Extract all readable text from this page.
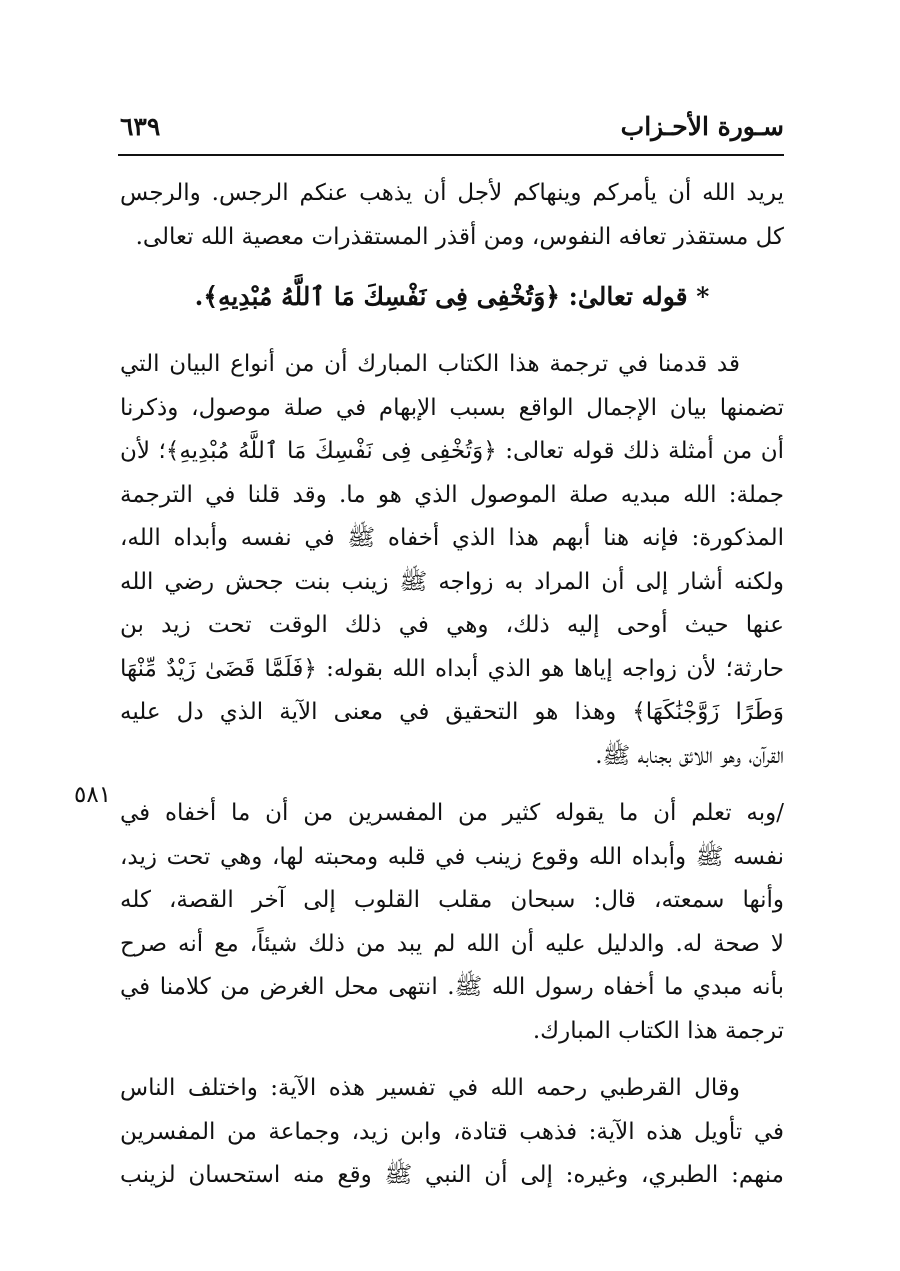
سـورة الأحـزاب
٦٣٩
٥٨١
يريد الله أن يأمركم وينهاكم لأجل أن يذهب عنكم الرجس. والرجس
كل مستقذر تعافه النفوس، ومن أقذر المستقذرات معصية الله تعالى.
* قوله تعالىٰ: ﴿وَتُخْفِى فِى نَفْسِكَ مَا ٱللَّهُ مُبْدِيهِ﴾.
قد قدمنا في ترجمة هذا الكتاب المبارك أن من أنواع البيان التي
تضمنها بيان الإجمال الواقع بسبب الإبهام في صلة موصول، وذكرنا
أن من أمثلة ذلك قوله تعالى: ﴿وَتُخْفِى فِى نَفْسِكَ مَا ٱللَّهُ مُبْدِيهِ﴾؛ لأن
جملة: الله مبديه صلة الموصول الذي هو ما. وقد قلنا في الترجمة
المذكورة: فإنه هنا أبهم هذا الذي أخفاه ﷺ في نفسه وأبداه الله،
ولكنه أشار إلى أن المراد به زواجه ﷺ زينب بنت جحش رضي الله
عنها حيث أوحى إليه ذلك، وهي في ذلك الوقت تحت زيد بن
حارثة؛ لأن زواجه إياها هو الذي أبداه الله بقوله: ﴿فَلَمَّا قَضَىٰ زَيْدٌ مِّنْهَا
وَطَرًا زَوَّجْنَٰكَهَا﴾ وهذا هو التحقيق في معنى الآية الذي دل عليه
القرآن، وهو اللائق بجنابه ﷺ.
/وبه تعلم أن ما يقوله كثير من المفسرين من أن ما أخفاه في
نفسه ﷺ وأبداه الله وقوع زينب في قلبه ومحبته لها، وهي تحت زيد،
وأنها سمعته، قال: سبحان مقلب القلوب إلى آخر القصة، كله
لا صحة له. والدليل عليه أن الله لم يبد من ذلك شيئاً، مع أنه صرح
بأنه مبدي ما أخفاه رسول الله ﷺ. انتهى محل الغرض من كلامنا في
ترجمة هذا الكتاب المبارك.
وقال القرطبي رحمه الله في تفسير هذه الآية: واختلف الناس
في تأويل هذه الآية: فذهب قتادة، وابن زيد، وجماعة من المفسرين
منهم: الطبري، وغيره: إلى أن النبي ﷺ وقع منه استحسان لزينب
